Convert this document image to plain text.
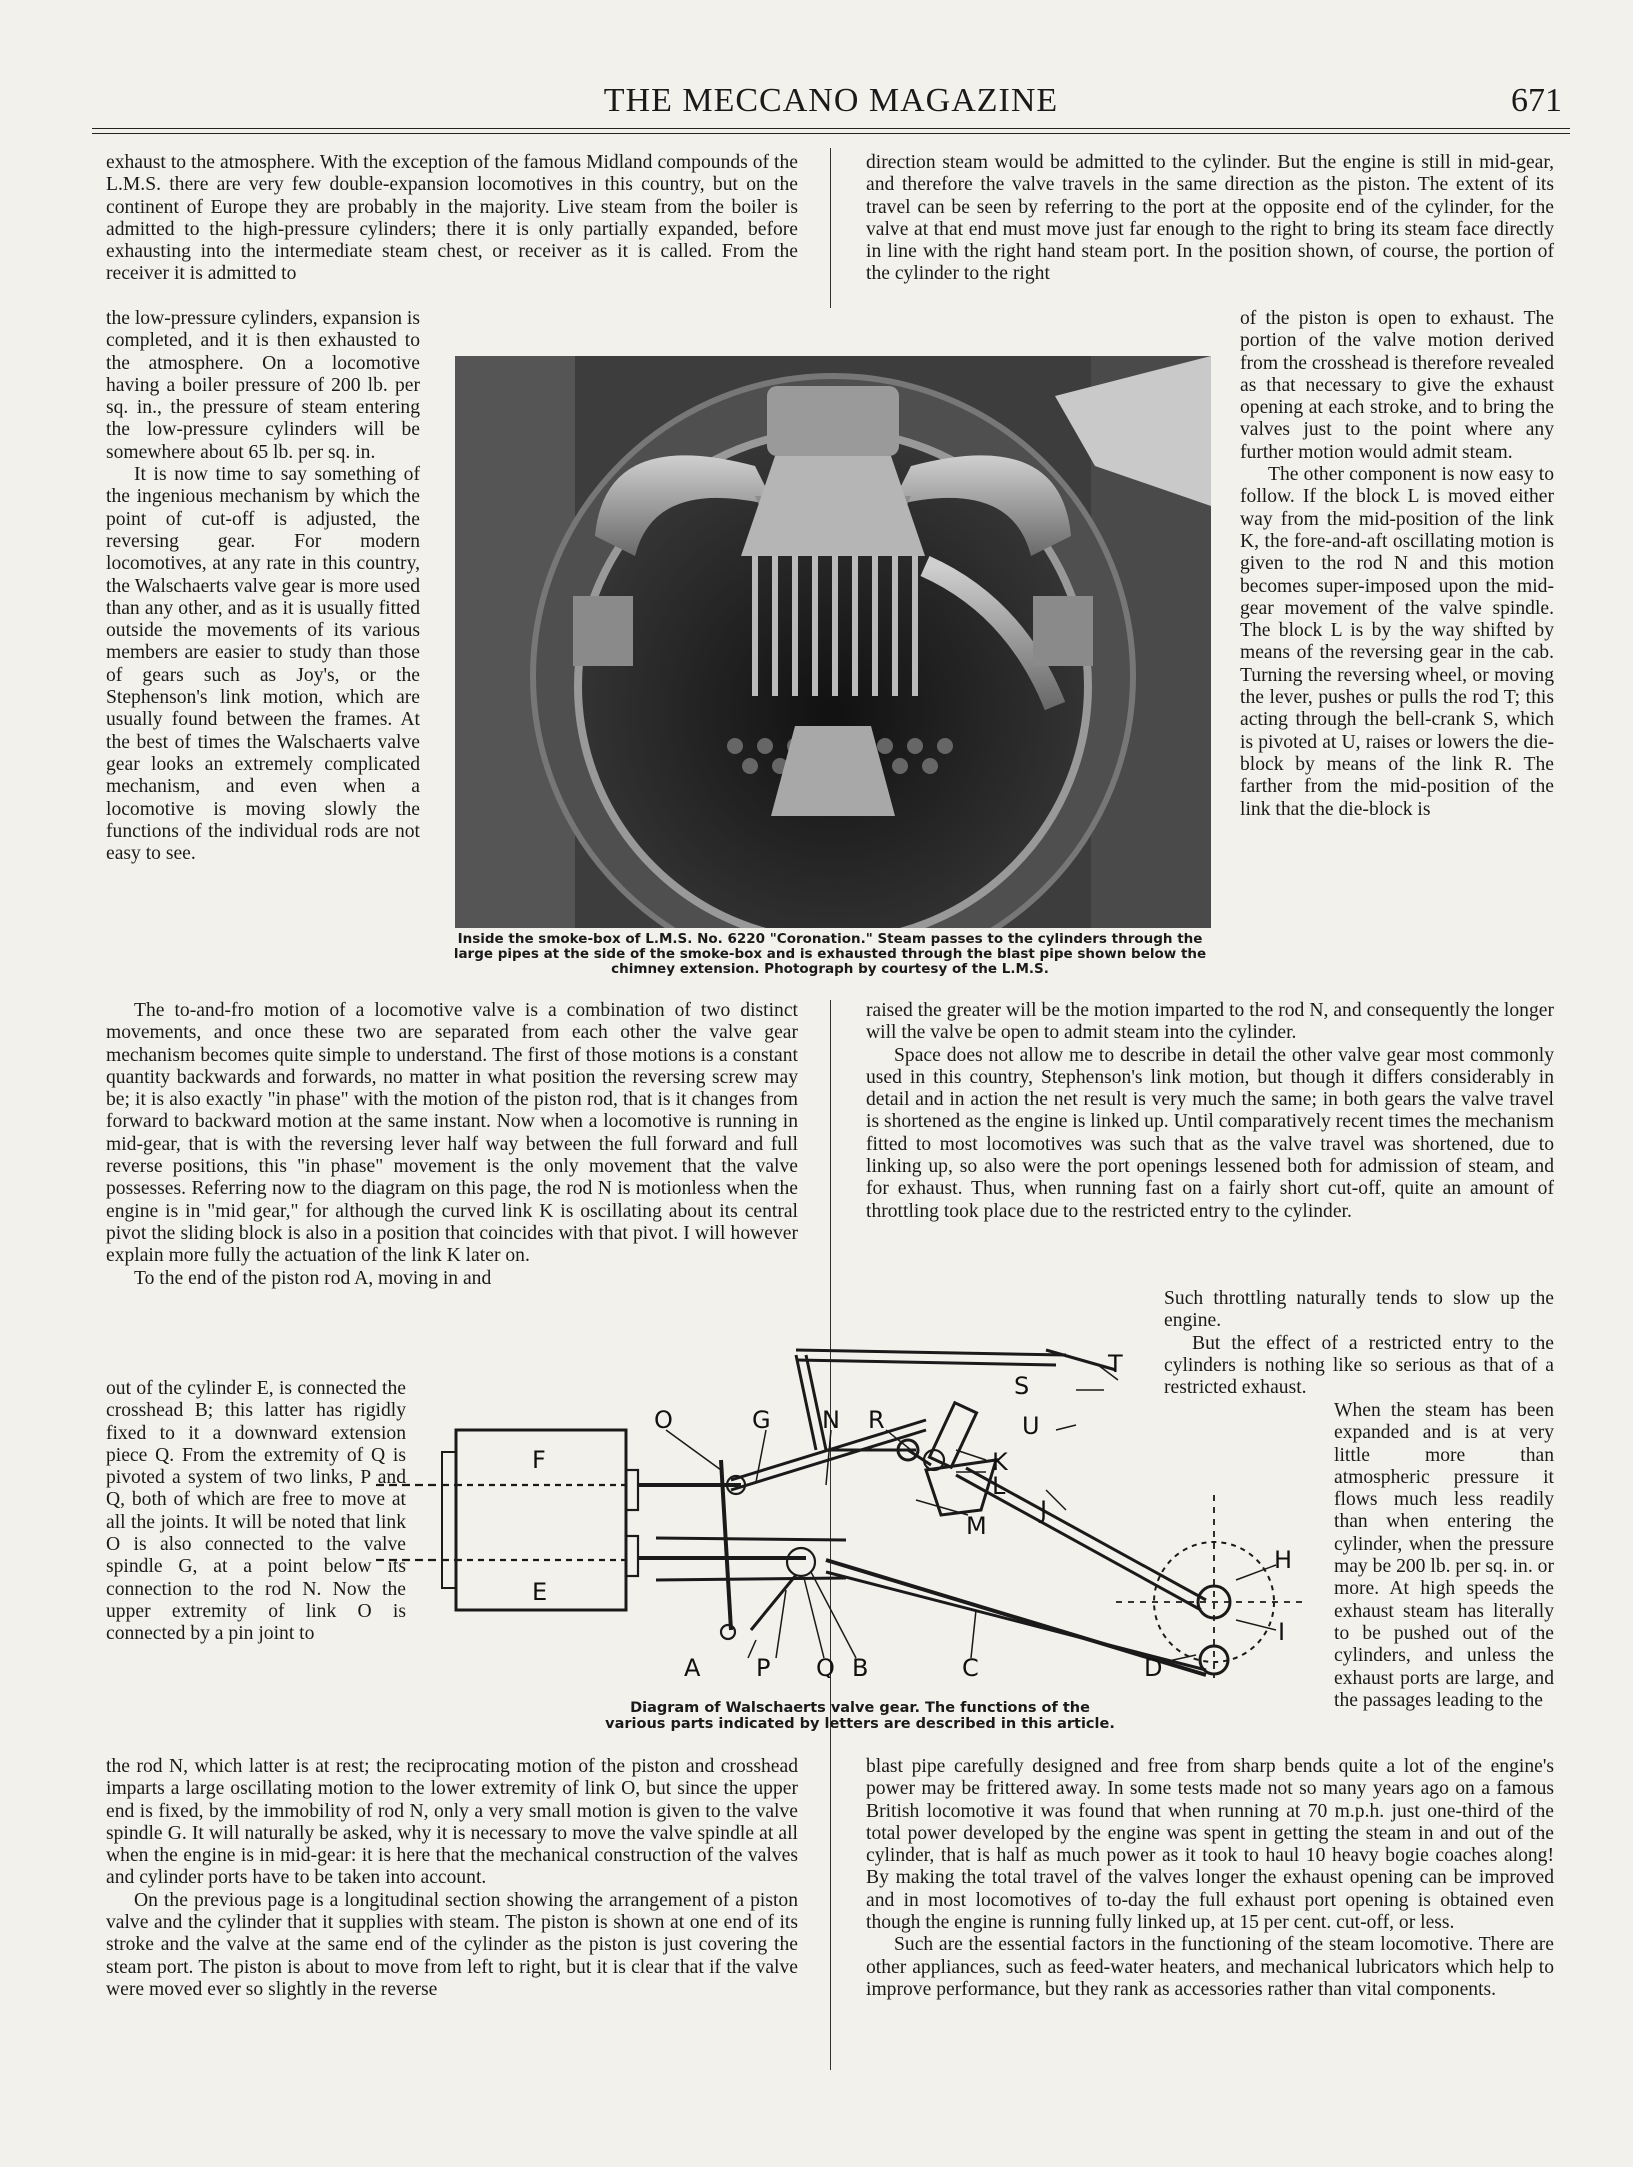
THE MECCANO MAGAZINE	671

exhaust to the atmosphere. With the exception of the famous Midland compounds of the L.M.S. there are very few double-expansion locomotives in this country, but on the continent of Europe they are probably in the majority. Live steam from the boiler is admitted to the high-pressure cylinders; there it is only partially expanded, before exhausting into the intermediate steam chest, or receiver as it is called. From the receiver it is admitted to

the low-pressure cylinders, expansion is completed, and it is then exhausted to the atmosphere. On a locomotive having a boiler pressure of 200 lb. per sq. in., the pressure of steam entering the low-pressure cylinders will be somewhere about 65 lb. per sq. in.

It is now time to say something of the ingenious mechanism by which the point of cut-off is adjusted, the reversing gear. For modern locomotives, at any rate in this country, the Walschaerts valve gear is more used than any other, and as it is usually fitted outside the movements of its various members are easier to study than those of gears such as Joy's, or the Stephenson's link motion, which are usually found between the frames. At the best of times the Walschaerts valve gear looks an extremely complicated mechanism, and even when a locomotive is moving slowly the functions of the individual rods are not easy to see.

The to-and-fro motion of a locomotive valve is a combination of two distinct movements, and once these two are separated from each other the valve gear mechanism becomes quite simple to understand. The first of those motions is a constant quantity backwards and forwards, no matter in what position the reversing screw may be; it is also exactly "in phase" with the motion of the piston rod, that is it changes from forward to backward motion at the same instant. Now when a locomotive is running in mid-gear, that is with the reversing lever half way between the full forward and full reverse positions, this "in phase" movement is the only movement that the valve possesses. Referring now to the diagram on this page, the rod N is motionless when the engine is in "mid gear," for although the curved link K is oscillating about its central pivot the sliding block is also in a position that coincides with that pivot. I will however explain more fully the actuation of the link K later on.

To the end of the piston rod A, moving in and

out of the cylinder E, is connected the crosshead B; this latter has rigidly fixed to it a downward extension piece Q. From the extremity of Q is pivoted a system of two links, P and Q, both of which are free to move at all the joints. It will be noted that link O is also connected to the valve spindle G, at a point below its connection to the rod N. Now the upper extremity of link O is connected by a pin joint to

the rod N, which latter is at rest; the reciprocating motion of the piston and crosshead imparts a large oscillating motion to the lower extremity of link O, but since the upper end is fixed, by the immobility of rod N, only a very small motion is given to the valve spindle G. It will naturally be asked, why it is necessary to move the valve spindle at all when the engine is in mid-gear: it is here that the mechanical construction of the valves and cylinder ports have to be taken into account.

On the previous page is a longitudinal section showing the arrangement of a piston valve and the cylinder that it supplies with steam. The piston is shown at one end of its stroke and the valve at the same end of the cylinder as the piston is just covering the steam port. The piston is about to move from left to right, but it is clear that if the valve were moved ever so slightly in the reverse

direction steam would be admitted to the cylinder. But the engine is still in mid-gear, and therefore the valve travels in the same direction as the piston. The extent of its travel can be seen by referring to the port at the opposite end of the cylinder, for the valve at that end must move just far enough to the right to bring its steam face directly in line with the right hand steam port. In the position shown, of course, the portion of the cylinder to the right

of the piston is open to exhaust. The portion of the valve motion derived from the crosshead is therefore revealed as that necessary to give the exhaust opening at each stroke, and to bring the valves just to the point where any further motion would admit steam.

The other component is now easy to follow. If the block L is moved either way from the mid-position of the link K, the fore-and-aft oscillating motion is given to the rod N and this motion becomes super-imposed upon the mid-gear movement of the valve spindle. The block L is by the way shifted by means of the reversing gear in the cab. Turning the reversing wheel, or moving the lever, pushes or pulls the rod T; this acting through the bell-crank S, which is pivoted at U, raises or lowers the die-block by means of the link R. The farther from the mid-position of the link that the die-block is

raised the greater will be the motion imparted to the rod N, and consequently the longer will the valve be open to admit steam into the cylinder.

Space does not allow me to describe in detail the other valve gear most commonly used in this country, Stephenson's link motion, but though it differs considerably in detail and in action the net result is very much the same; in both gears the valve travel is shortened as the engine is linked up. Until comparatively recent times the mechanism fitted to most locomotives was such that as the valve travel was shortened, due to linking up, so also were the port openings lessened both for admission of steam, and for exhaust. Thus, when running fast on a fairly short cut-off, quite an amount of throttling took place due to the restricted entry to the cylinder.

Such throttling naturally tends to slow up the engine.

But the effect of a restricted entry to the cylinders is nothing like so serious as that of a restricted exhaust.

When the steam has been expanded and is at very little more than atmospheric pressure it flows much less readily than when entering the cylinder, when the pressure may be 200 lb. per sq. in. or more. At high speeds the exhaust steam has literally to be pushed out of the cylinders, and unless the exhaust ports are large, and the passages leading to the

blast pipe carefully designed and free from sharp bends quite a lot of the engine's power may be frittered away. In some tests made not so many years ago on a famous British locomotive it was found that when running at 70 m.p.h. just one-third of the total power developed by the engine was spent in getting the steam in and out of the cylinder, that is half as much power as it took to haul 10 heavy bogie coaches along! By making the total travel of the valves longer the exhaust opening can be improved and in most locomotives of to-day the full exhaust port opening is obtained even though the engine is running fully linked up, at 15 per cent. cut-off, or less.

Such are the essential factors in the functioning of the steam locomotive. There are other appliances, such as feed-water heaters, and mechanical lubricators which help to improve performance, but they rank as accessories rather than vital components.

Inside the smoke-box of L.M.S. No. 6220 "Coronation." Steam passes to the cylinders through the large pipes at the side of the smoke-box and is exhausted through the blast pipe shown below the chimney extension. Photograph by courtesy of the L.M.S.
O	G N R
S
T
U
F	K
L
M
J
H
E
I
A P Q B	C	D
Diagram of Walschaerts valve gear. The functions of the various parts indicated by letters are described in this article.
